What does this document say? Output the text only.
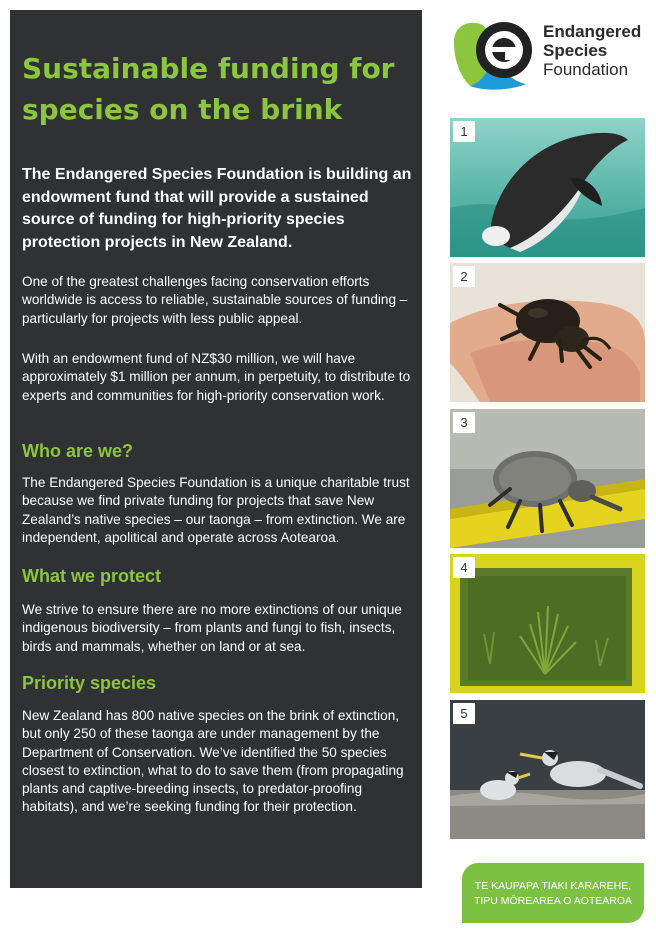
Sustainable funding for species on the brink

The Endangered Species Foundation is building an endowment fund that will provide a sustained source of funding for high-priority species protection projects in New Zealand.

One of the greatest challenges facing conservation efforts worldwide is access to reliable, sustainable sources of funding – particularly for projects with less public appeal.

With an endowment fund of NZ$30 million, we will have approximately $1 million per annum, in perpetuity, to distribute to experts and communities for high-priority conservation work.

Who are we?

The Endangered Species Foundation is a unique charitable trust because we find private funding for projects that save New Zealand’s native species – our taonga – from extinction. We are independent, apolitical and operate across Aotearoa.

What we protect

We strive to ensure there are no more extinctions of our unique indigenous biodiversity – from plants and fungi to fish, insects, birds and mammals, whether on land or at sea.

Priority species

New Zealand has 800 native species on the brink of extinction, but only 250 of these taonga are under management by the Department of Conservation. We’ve identified the 50 species closest to extinction, what to do to save them (from propagating plants and captive-breeding insects, to predator-proofing habitats), and we’re seeking funding for their protection.

Endangered
Species
Foundation
1
2
3
4
5

TE KAUPAPA TIAKI KARAREHE,

TIPU MŌREAREA O AOTEAROA
